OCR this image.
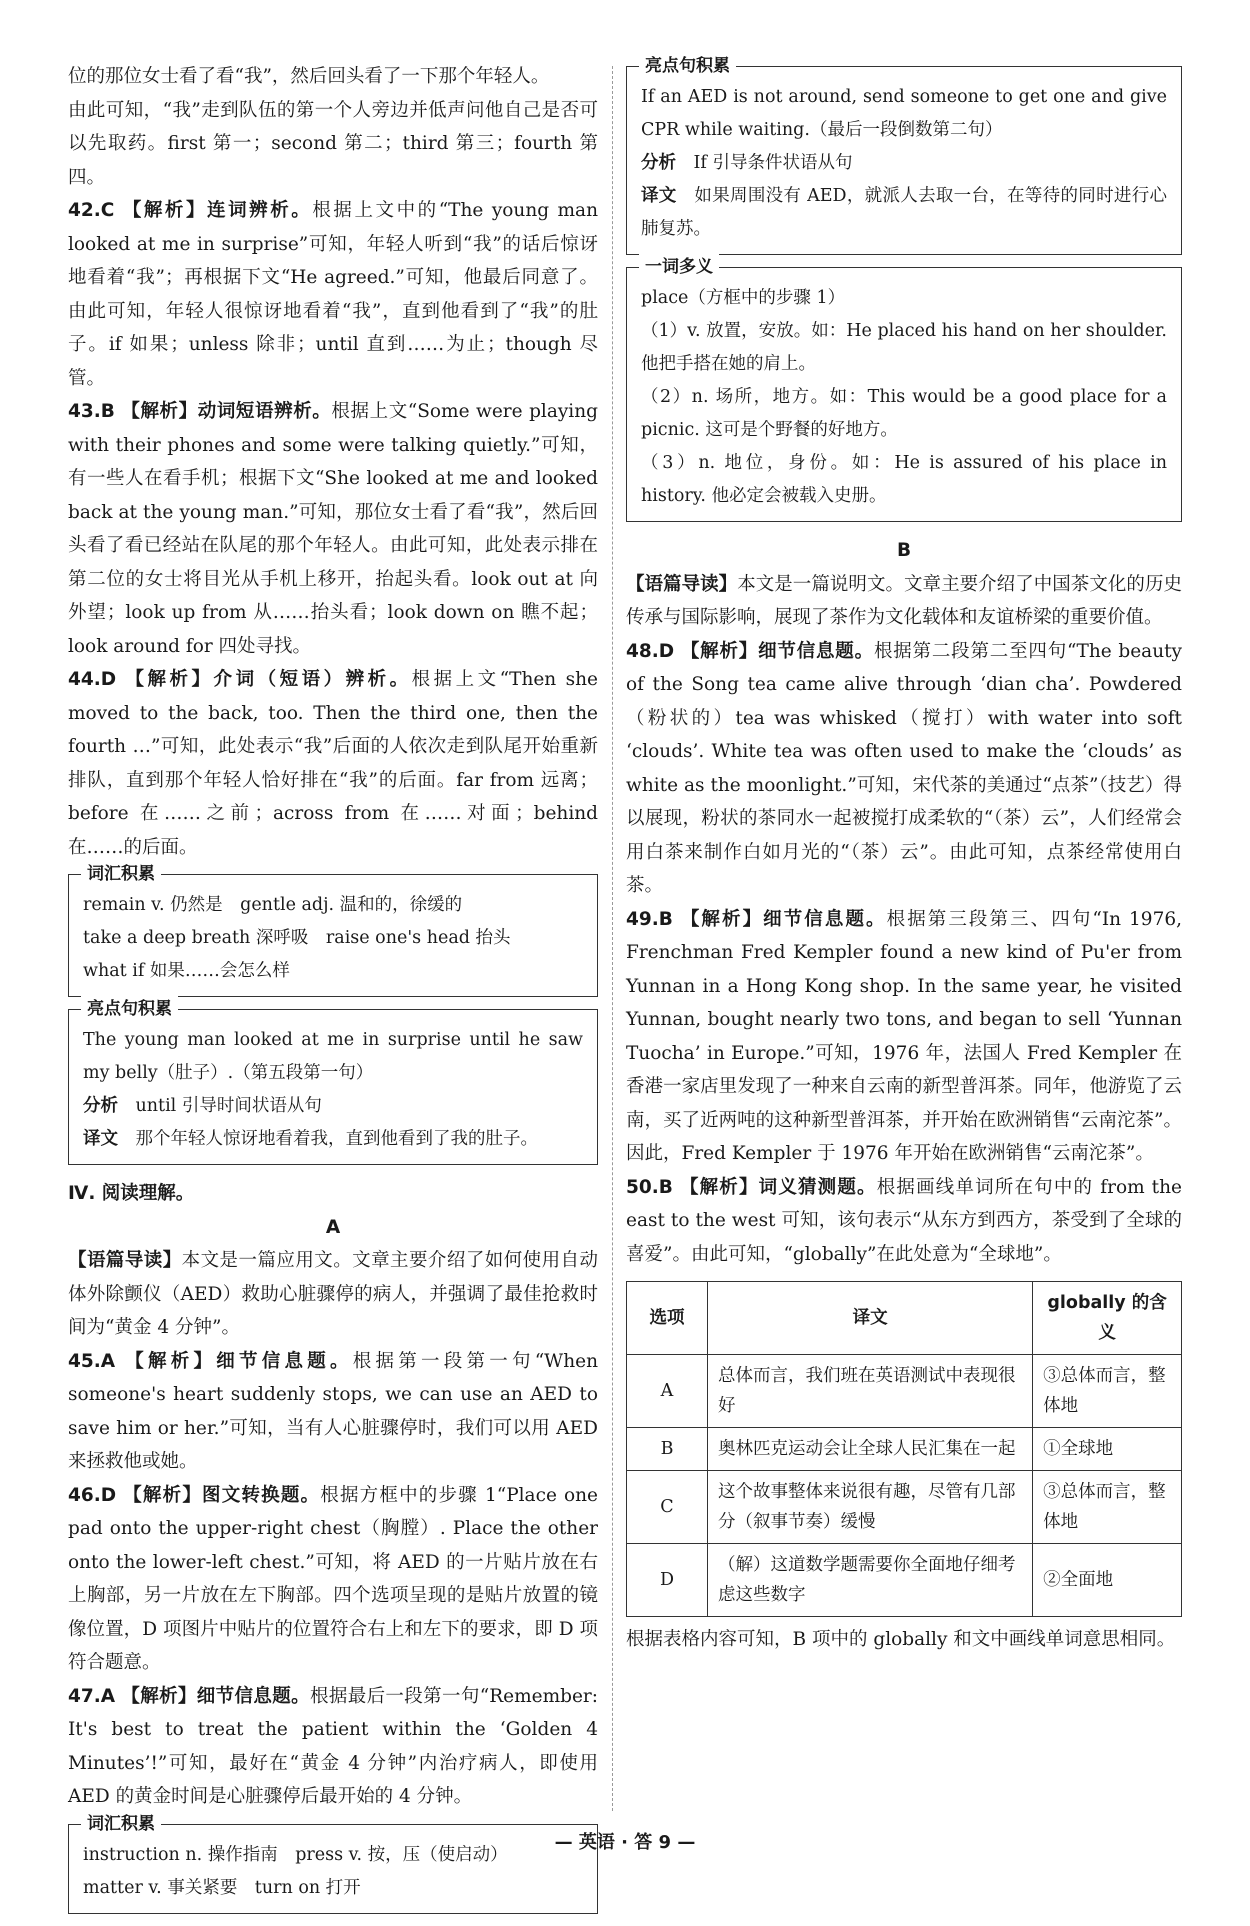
位的那位女士看了看“我”，然后回头看了一下那个年轻人。

由此可知，“我”走到队伍的第一个人旁边并低声问他自己是否可以先取药。first 第一；second 第二；third 第三；fourth 第四。

42.C 【解析】连词辨析。根据上文中的“The young man looked at me in surprise”可知，年轻人听到“我”的话后惊讶地看着“我”；再根据下文“He agreed.”可知，他最后同意了。由此可知，年轻人很惊讶地看着“我”，直到他看到了“我”的肚子。if 如果；unless 除非；until 直到……为止；though 尽管。

43.B 【解析】动词短语辨析。根据上文“Some were playing with their phones and some were talking quietly.”可知，有一些人在看手机；根据下文“She looked at me and looked back at the young man.”可知，那位女士看了看“我”，然后回头看了看已经站在队尾的那个年轻人。由此可知，此处表示排在第二位的女士将目光从手机上移开，抬起头看。look out at 向外望；look up from 从……抬头看；look down on 瞧不起；look around for 四处寻找。

44.D 【解析】介词（短语）辨析。根据上文“Then she moved to the back, too. Then the third one, then the fourth …”可知，此处表示“我”后面的人依次走到队尾开始重新排队，直到那个年轻人恰好排在“我”的后面。far from 远离；before 在……之前；across from 在……对面；behind 在……的后面。

词汇积累

remain v. 仍然是　gentle adj. 温和的，徐缓的

take a deep breath 深呼吸　raise one's head 抬头

what if 如果……会怎么样

亮点句积累

The young man looked at me in surprise until he saw my belly（肚子）.（第五段第一句）

分析　 until 引导时间状语从句

译文　 那个年轻人惊讶地看着我，直到他看到了我的肚子。

Ⅳ. 阅读理解。

A

【语篇导读】本文是一篇应用文。文章主要介绍了如何使用自动体外除颤仪（AED）救助心脏骤停的病人，并强调了最佳抢救时间为“黄金 4 分钟”。

45.A 【解析】细节信息题。根据第一段第一句“When someone's heart suddenly stops, we can use an AED to save him or her.”可知，当有人心脏骤停时，我们可以用 AED 来拯救他或她。

46.D 【解析】图文转换题。根据方框中的步骤 1“Place one pad onto the upper-right chest（胸膛）. Place the other onto the lower-left chest.”可知，将 AED 的一片贴片放在右上胸部，另一片放在左下胸部。四个选项呈现的是贴片放置的镜像位置，D 项图片中贴片的位置符合右上和左下的要求，即 D 项符合题意。

47.A 【解析】细节信息题。根据最后一段第一句“Remember: It's best to treat the patient within the ‘Golden 4 Minutes’!”可知，最好在“黄金 4 分钟”内治疗病人，即使用 AED 的黄金时间是心脏骤停后最开始的 4 分钟。

词汇积累

instruction n. 操作指南　press v. 按，压（使启动）

matter v. 事关紧要　turn on 打开

亮点句积累

If an AED is not around, send someone to get one and give CPR while waiting.（最后一段倒数第二句）

分析　 If 引导条件状语从句

译文　 如果周围没有 AED，就派人去取一台，在等待的同时进行心肺复苏。

一词多义

place（方框中的步骤 1）

（1）v. 放置，安放。如：He placed his hand on her shoulder. 他把手搭在她的肩上。

（2）n. 场所，地方。如：This would be a good place for a picnic. 这可是个野餐的好地方。

（3）n. 地位，身份。如：He is assured of his place in history. 他必定会被载入史册。

B

【语篇导读】本文是一篇说明文。文章主要介绍了中国茶文化的历史传承与国际影响，展现了茶作为文化载体和友谊桥梁的重要价值。

48.D 【解析】细节信息题。根据第二段第二至四句“The beauty of the Song tea came alive through ‘dian cha’. Powdered（粉状的）tea was whisked（搅打）with water into soft ‘clouds’. White tea was often used to make the ‘clouds’ as white as the moonlight.”可知，宋代茶的美通过“点茶”（技艺）得以展现，粉状的茶同水一起被搅打成柔软的“（茶）云”，人们经常会用白茶来制作白如月光的“（茶）云”。由此可知，点茶经常使用白茶。

49.B 【解析】细节信息题。根据第三段第三、四句“In 1976, Frenchman Fred Kempler found a new kind of Pu'er from Yunnan in a Hong Kong shop. In the same year, he visited Yunnan, bought nearly two tons, and began to sell ‘Yunnan Tuocha’ in Europe.”可知，1976 年，法国人 Fred Kempler 在香港一家店里发现了一种来自云南的新型普洱茶。同年，他游览了云南，买了近两吨的这种新型普洱茶，并开始在欧洲销售“云南沱茶”。因此，Fred Kempler 于 1976 年开始在欧洲销售“云南沱茶”。

50.B 【解析】词义猜测题。根据画线单词所在句中的 from the east to the west 可知，该句表示“从东方到西方，茶受到了全球的喜爱”。由此可知，“globally”在此处意为“全球地”。

选项	译文	globally 的含义
A	总体而言，我们班在英语测试中表现很好	③总体而言，整体地
B	奥林匹克运动会让全球人民汇集在一起	①全球地
C	这个故事整体来说很有趣，尽管有几部分（叙事节奏）缓慢	③总体而言，整体地
D	（解）这道数学题需要你全面地仔细考虑这些数字	②全面地

根据表格内容可知，B 项中的 globally 和文中画线单词意思相同。

— 英语 · 答 9 —
